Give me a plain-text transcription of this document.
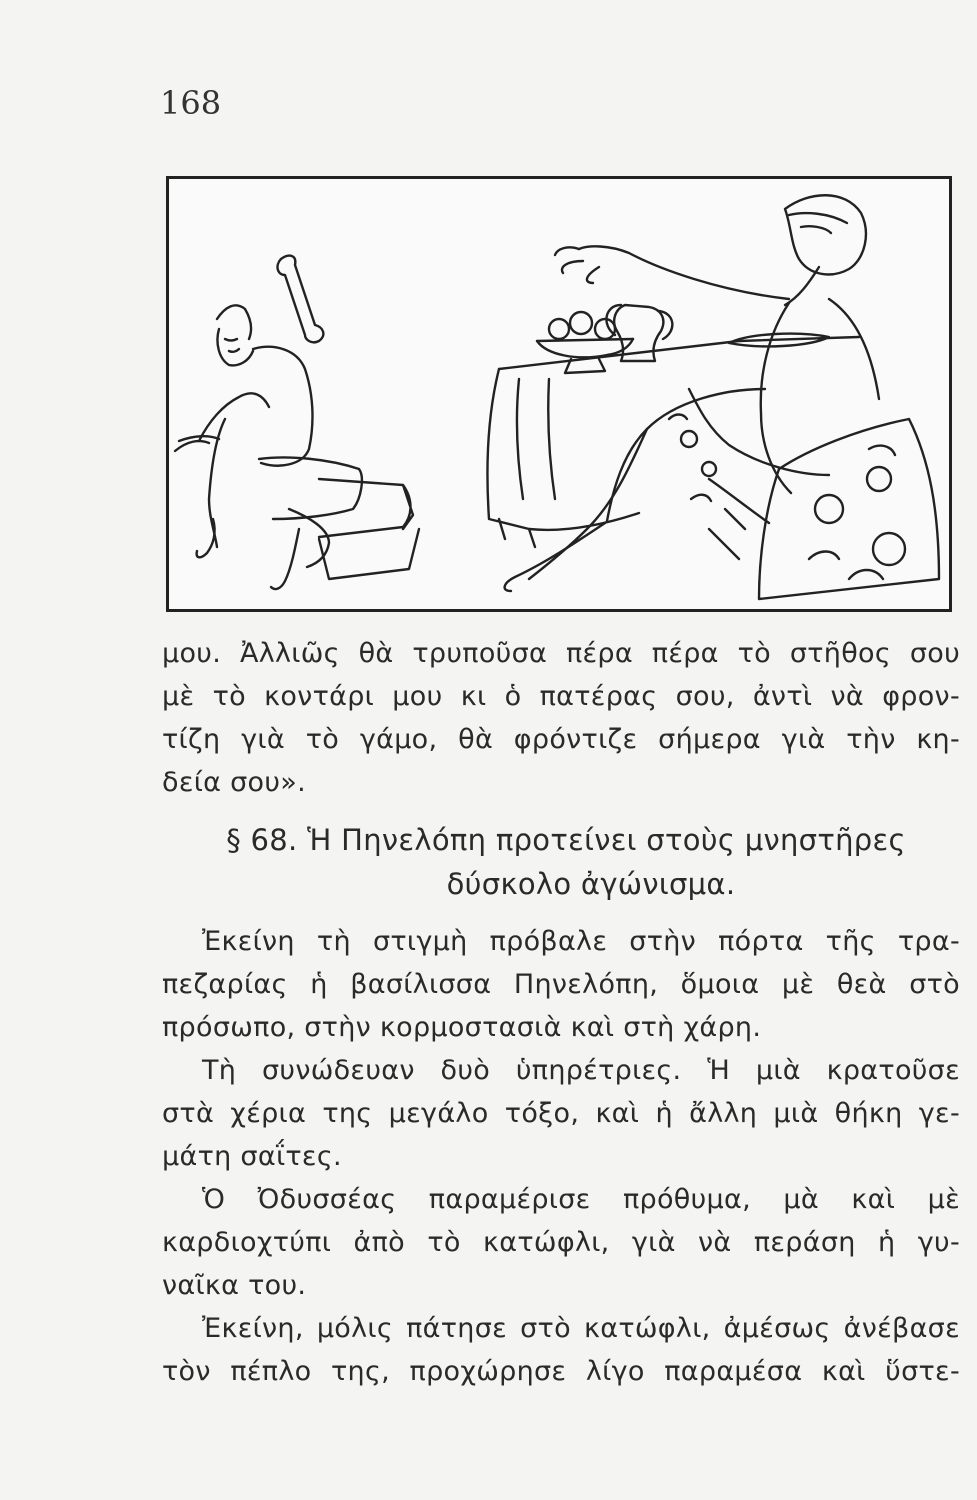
168
μου. Ἀλλιῶς θὰ τρυποῦσα πέρα πέρα τὸ στῆθος σου
μὲ τὸ κοντάρι μου κι ὁ πατέρας σου, ἀντὶ νὰ φρον-
τίζη γιὰ τὸ γάμο, θὰ φρόντιζε σήμερα γιὰ τὴν κη-
δεία σου».
§ 68. Ἡ Πηνελόπη προτείνει στοὺς μνηστῆρες
δύσκολο ἀγώνισμα.
Ἐκείνη τὴ στιγμὴ πρόβαλε στὴν πόρτα τῆς τρα-
πεζαρίας ἡ βασίλισσα Πηνελόπη, ὅμοια μὲ θεὰ στὸ
πρόσωπο, στὴν κορμοστασιὰ καὶ στὴ χάρη.
Τὴ συνώδευαν δυὸ ὑπηρέτριες. Ἡ μιὰ κρατοῦσε
στὰ χέρια της μεγάλο τόξο, καὶ ἡ ἄλλη μιὰ θήκη γε-
μάτη σαΐτες.
Ὁ Ὀδυσσέας παραμέρισε πρόθυμα, μὰ καὶ μὲ
καρδιοχτύπι ἀπὸ τὸ κατώφλι, γιὰ νὰ περάση ἡ γυ-
ναῖκα του.
Ἐκείνη, μόλις πάτησε στὸ κατώφλι, ἀμέσως ἀνέβασε
τὸν πέπλο της, προχώρησε λίγο παραμέσα καὶ ὕστε-
